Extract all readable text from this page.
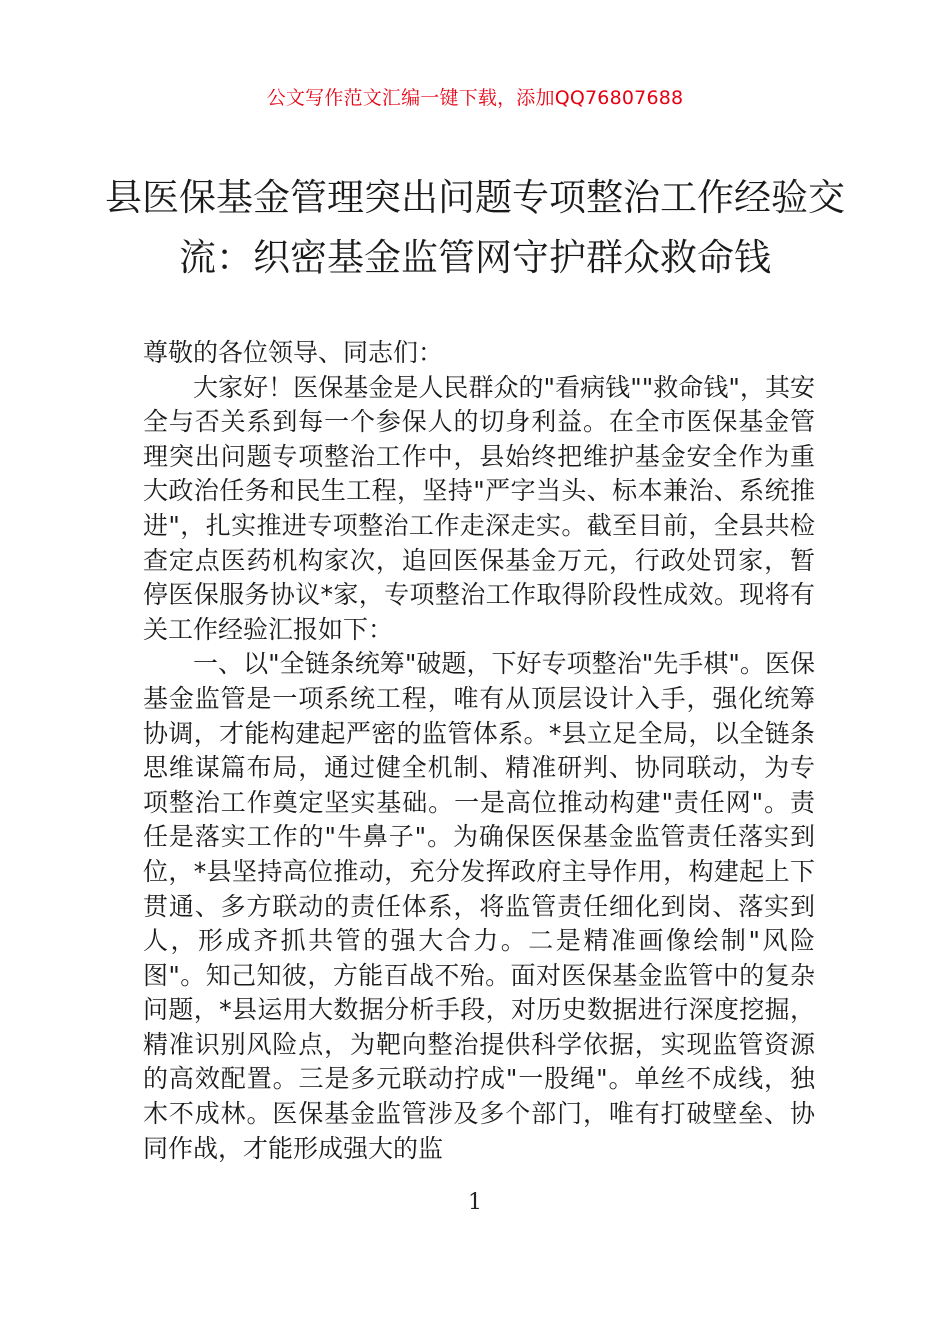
公文写作范文汇编一键下载，添加QQ76807688
县医保基金管理突出问题专项整治工作经验交流：织密基金监管网守护群众救命钱

尊敬的各位领导、同志们：

大家好！医保基金是人民群众的"看病钱""救命钱"，其安全与否关系到每一个参保人的切身利益。在全市医保基金管理突出问题专项整治工作中，县始终把维护基金安全作为重大政治任务和民生工程，坚持"严字当头、标本兼治、系统推进"，扎实推进专项整治工作走深走实。截至目前，全县共检查定点医药机构家次，追回医保基金万元，行政处罚家，暂停医保服务协议*家，专项整治工作取得阶段性成效。现将有关工作经验汇报如下：

一、以"全链条统筹"破题，下好专项整治"先手棋"。医保基金监管是一项系统工程，唯有从顶层设计入手，强化统筹协调，才能构建起严密的监管体系。*县立足全局，以全链条思维谋篇布局，通过健全机制、精准研判、协同联动，为专项整治工作奠定坚实基础。一是高位推动构建"责任网"。责任是落实工作的"牛鼻子"。为确保医保基金监管责任落实到位，*县坚持高位推动，充分发挥政府主导作用，构建起上下贯通、多方联动的责任体系，将监管责任细化到岗、落实到人，形成齐抓共管的强大合力。二是精准画像绘制"风险图"。知己知彼，方能百战不殆。面对医保基金监管中的复杂问题，*县运用大数据分析手段，对历史数据进行深度挖掘，精准识别风险点，为靶向整治提供科学依据，实现监管资源的高效配置。三是多元联动拧成"一股绳"。单丝不成线，独木不成林。医保基金监管涉及多个部门，唯有打破壁垒、协同作战，才能形成强大的监

1
